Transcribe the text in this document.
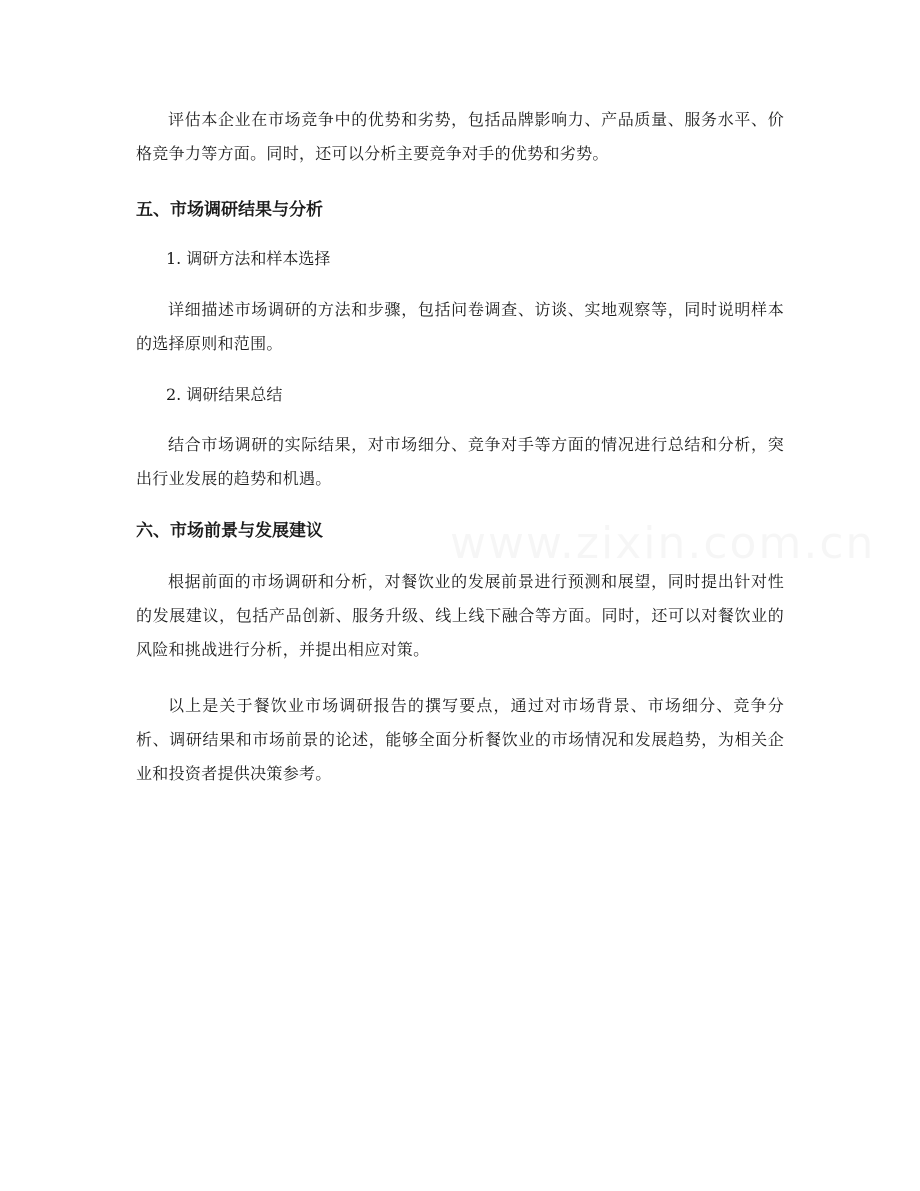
评估本企业在市场竞争中的优势和劣势，包括品牌影响力、产品质量、服务水平、价格竞争力等方面。同时，还可以分析主要竞争对手的优势和劣势。

五、市场调研结果与分析

1. 调研方法和样本选择

详细描述市场调研的方法和步骤，包括问卷调查、访谈、实地观察等，同时说明样本的选择原则和范围。

2. 调研结果总结

结合市场调研的实际结果，对市场细分、竞争对手等方面的情况进行总结和分析，突出行业发展的趋势和机遇。

六、市场前景与发展建议

根据前面的市场调研和分析，对餐饮业的发展前景进行预测和展望，同时提出针对性的发展建议，包括产品创新、服务升级、线上线下融合等方面。同时，还可以对餐饮业的风险和挑战进行分析，并提出相应对策。

以上是关于餐饮业市场调研报告的撰写要点，通过对市场背景、市场细分、竞争分析、调研结果和市场前景的论述，能够全面分析餐饮业的市场情况和发展趋势，为相关企业和投资者提供决策参考。
